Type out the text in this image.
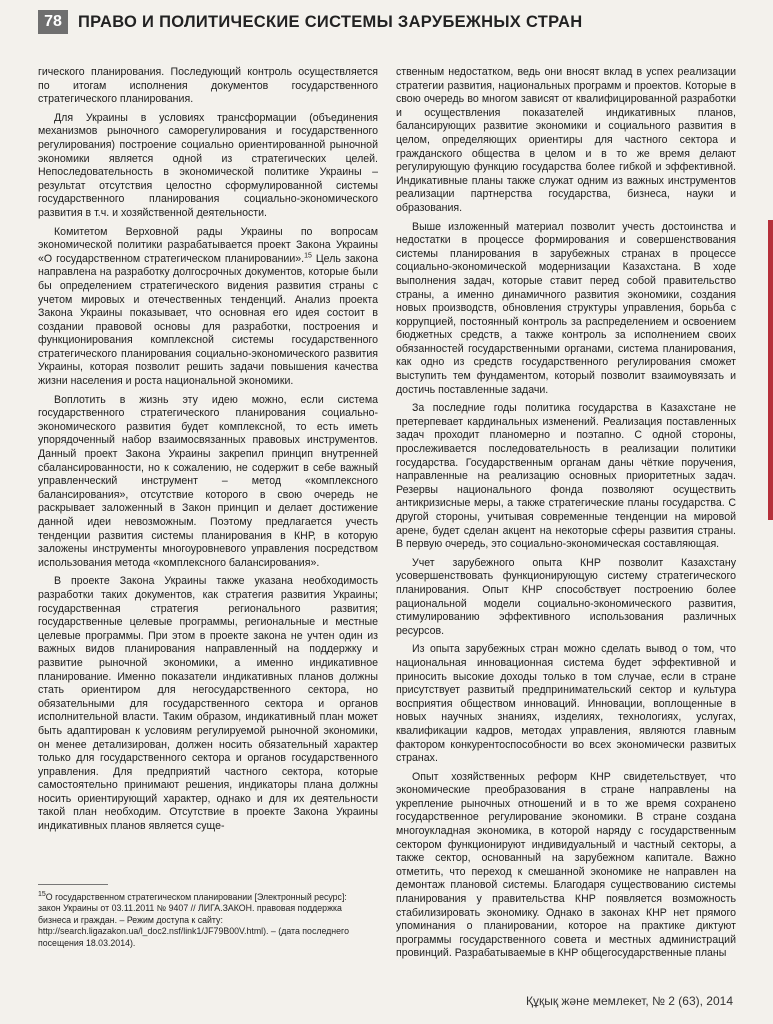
78 ПРАВО И ПОЛИТИЧЕСКИЕ СИСТЕМЫ ЗАРУБЕЖНЫХ СТРАН

гического планирования. Последующий контроль осуществляется по итогам исполнения документов государственного стратегического планирования.

Для Украины в условиях трансформации (объединения механизмов рыночного саморегулирования и государственного регулирования) построение социально ориентированной рыночной экономики является одной из стратегических целей. Непоследовательность в экономической политике Украины – результат отсутствия целостно сформулированной системы государственного планирования социально-экономического развития в т.ч. и хозяйственной деятельности.

Комитетом Верховной рады Украины по вопросам экономической политики разрабатывается проект Закона Украины «О государственном стратегическом планировании».$^{15}$ Цель закона направлена на разработку долгосрочных документов, которые были бы определением стратегического видения развития страны с учетом мировых и отечественных тенденций. Анализ проекта Закона Украины показывает, что основная его идея состоит в создании правовой основы для разработки, построения и функционирования комплексной системы государственного стратегического планирования социально-экономического развития Украины, которая позволит решить задачи повышения качества жизни населения и роста национальной экономики.

Воплотить в жизнь эту идею можно, если система государственного стратегического планирования социально-экономического развития будет комплексной, то есть иметь упорядоченный набор взаимосвязанных правовых инструментов. Данный проект Закона Украины закрепил принцип внутренней сбалансированности, но к сожалению, не содержит в себе важный управленческий инструмент – метод «комплексного балансирования», отсутствие которого в свою очередь не раскрывает заложенный в Закон принцип и делает достижение данной идеи невозможным. Поэтому предлагается учесть тенденции развития системы планирования в КНР, в которую заложены инструменты многоуровневого управления посредством использования метода «комплексного балансирования».

В проекте Закона Украины также указана необходимость разработки таких документов, как стратегия развития Украины; государственная стратегия регионального развития; государственные целевые программы, региональные и местные целевые программы. При этом в проекте закона не учтен один из важных видов планирования направленный на поддержку и развитие рыночной экономики, а именно индикативное планирование. Именно показатели индикативных планов должны стать ориентиром для негосударственного сектора, но обязательными для государственного сектора и органов исполнительной власти. Таким образом, индикативный план может быть адаптирован к условиям регулируемой рыночной экономики, он менее детализирован, должен носить обязательный характер только для государственного сектора и органов государственного управления. Для предприятий частного сектора, которые самостоятельно принимают решения, индикаторы плана должны носить ориентирующий характер, однако и для их деятельности такой план необходим. Отсутствие в проекте Закона Украины индикативных планов является суще-

ственным недостатком, ведь они вносят вклад в успех реализации стратегии развития, национальных программ и проектов. Которые в свою очередь во многом зависят от квалифицированной разработки и осуществления показателей индикативных планов, балансирующих развитие экономики и социального развития в целом, определяющих ориентиры для частного сектора и гражданского общества в целом и в то же время делают регулирующую функцию государства более гибкой и эффективной. Индикативные планы также служат одним из важных инструментов реализации партнерства государства, бизнеса, науки и образования.

Выше изложенный материал позволит учесть достоинства и недостатки в процессе формирования и совершенствования системы планирования в зарубежных странах в процессе социально-экономической модернизации Казахстана. В ходе выполнения задач, которые ставит перед собой правительство страны, а именно динамичного развития экономики, создания новых производств, обновления структуры управления, борьба с коррупцией, постоянный контроль за распределением и освоением бюджетных средств, а также контроль за исполнением своих обязанностей государственными органами, система планирования, как одно из средств государственного регулирования сможет выступить тем фундаментом, который позволит взаимоувязать и достичь поставленные задачи.

За последние годы политика государства в Казахстане не претерпевает кардинальных изменений. Реализация поставленных задач проходит планомерно и поэтапно. С одной стороны, прослеживается последовательность в реализации политики государства. Государственным органам даны чёткие поручения, направленные на реализацию основных приоритетных задач. Резервы национального фонда позволяют осуществить антикризисные меры, а также стратегические планы государства. С другой стороны, учитывая современные тенденции на мировой арене, будет сделан акцент на некоторые сферы развития страны. В первую очередь, это социально-экономическая составляющая.

Учет зарубежного опыта КНР позволит Казахстану усовершенствовать функционирующую систему стратегического планирования. Опыт КНР способствует построению более рациональной модели социально-экономического развития, стимулированию эффективного использования различных ресурсов.

Из опыта зарубежных стран можно сделать вывод о том, что национальная инновационная система будет эффективной и приносить высокие доходы только в том случае, если в стране присутствует развитый предпринимательский сектор и культура восприятия обществом инноваций. Инновации, воплощенные в новых научных знаниях, изделиях, технологиях, услугах, квалификации кадров, методах управления, являются главным фактором конкурентоспособности во всех экономически развитых странах.

Опыт хозяйственных реформ КНР свидетельствует, что экономические преобразования в стране направлены на укрепление рыночных отношений и в то же время сохранено государственное регулирование экономики. В стране создана многоукладная экономика, в которой наряду с государственным сектором функционируют индивидуальный и частный секторы, а также сектор, основанный на зарубежном капитале. Важно отметить, что переход к смешанной экономике не направлен на демонтаж плановой системы. Благодаря существованию системы планирования у правительства КНР появляется возможность стабилизировать экономику. Однако в законах КНР нет прямого упоминания о планировании, которое на практике диктуют программы государственного совета и местных администраций провинций. Разрабатываемые в КНР общегосударственные планы

$^{15}$О государственном стратегическом планировании [Электронный ресурс]: закон Украины от 03.11.2011 № 9407 // ЛИГА.ЗАКОН. правовая поддержка бизнеса и граждан. – Режим доступа к сайту: http://search.ligazakon.ua/l_doc2.nsf/link1/JF79B00V.html). – (дата последнего посещения 18.03.2014).
Құқық және мемлекет, № 2 (63), 2014
